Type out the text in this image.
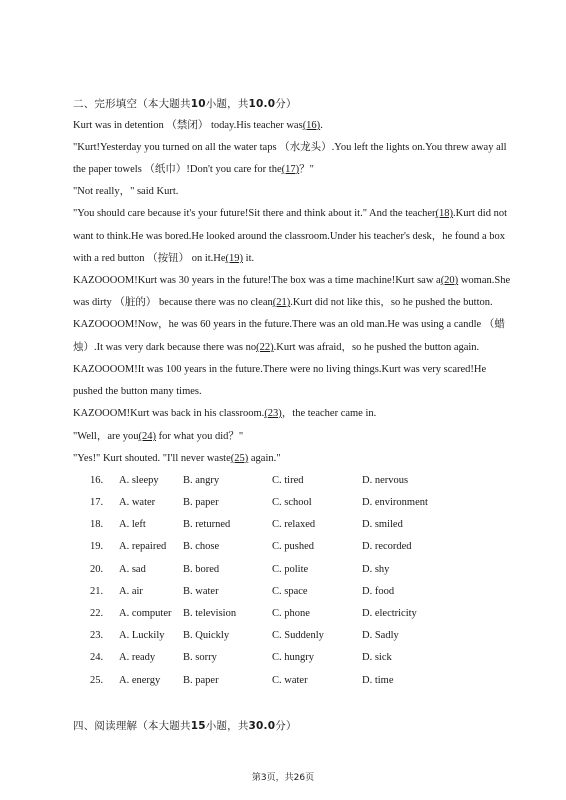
二、完形填空（本大题共10小题，共10.0分）
Kurt was in detention （禁闭） today.His teacher was(16).
"Kurt!Yesterday you turned on all the water taps （水龙头）.You left the lights on.You threw away all
the paper towels （纸巾）!Don't you care for the(17)？"
"Not really，" said Kurt.
"You should care because it's your future!Sit there and think about it." And the teacher(18).Kurt did not
want to think.He was bored.He looked around the classroom.Under his teacher's desk，he found a box
with a red button （按钮） on it.He(19) it.
KAZOOOOM!Kurt was 30 years in the future!The box was a time machine!Kurt saw a(20) woman.She
was dirty （脏的） because there was no clean(21).Kurt did not like this，so he pushed the button.
KAZOOOOM!Now，he was 60 years in the future.There was an old man.He was using a candle （蜡
烛）.It was very dark because there was no(22).Kurt was afraid，so he pushed the button again.
KAZOOOOM!It was 100 years in the future.There were no living things.Kurt was very scared!He
pushed the button many times.
KAZOOOM!Kurt was back in his classroom.(23)，the teacher came in.
"Well，are you(24) for what you did？"
"Yes!" Kurt shouted. "I'll never waste(25) again."
16. A. sleepy B. angry	C. tired	D. nervous
17. A. water	B. paper	C. school	D. environment
18. A. left	B. returned	C. relaxed	D. smiled
19. A. repaired B. chose	C. pushed	D. recorded
20. A. sad	B. bored	C. polite	D. shy
21. A. air	B. water	C. space	D. food
22. A. computer B. television	C. phone	D. electricity
23. A. Luckily B. Quickly	C. Suddenly	D. Sadly
24. A. ready	B. sorry	C. hungry	D. sick
25. A. energy B. paper	C. water	D. time
四、阅读理解（本大题共15小题，共30.0分）
第3页，共26页
